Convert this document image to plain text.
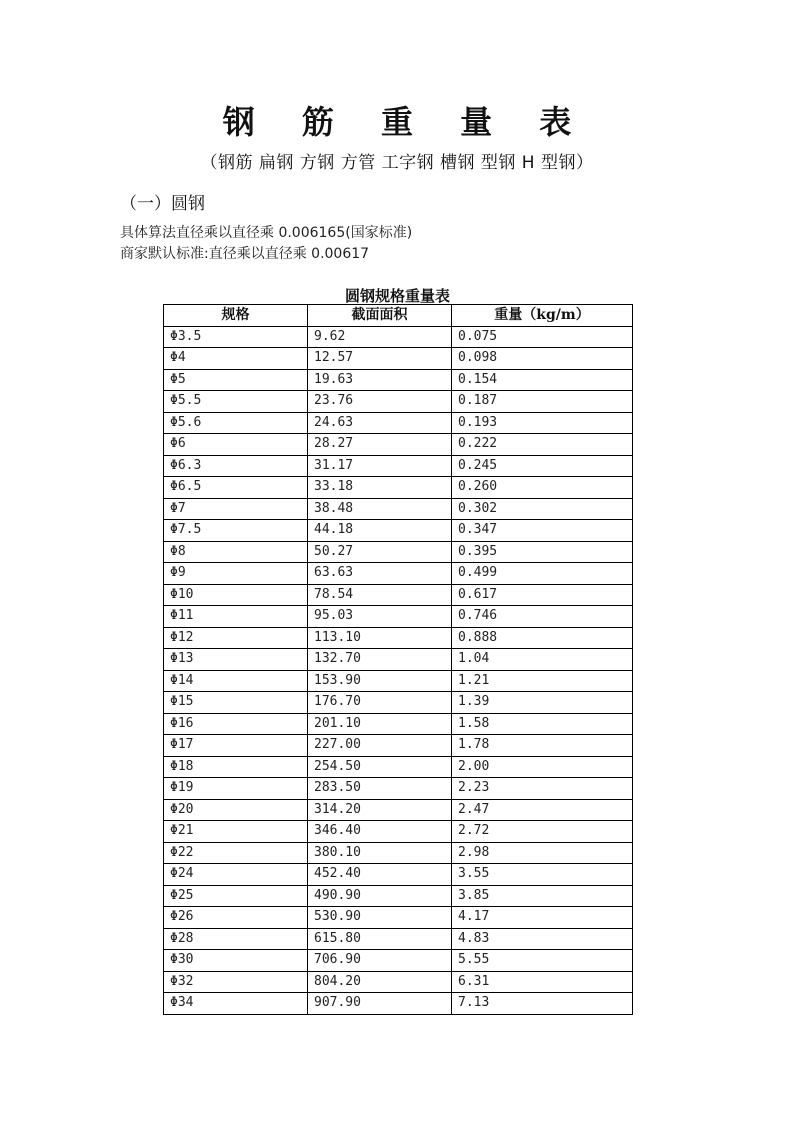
钢 筋 重 量 表
（钢筋 扁钢 方钢 方管 工字钢 槽钢 型钢 H 型钢）
（一）圆钢
具体算法直径乘以直径乘 0.006165(国家标准)
商家默认标准:直径乘以直径乘 0.00617
圆钢规格重量表
规格	截面面积	重量（kg/m）
Φ3.5	9.62	0.075
Φ4	12.57	0.098
Φ5	19.63	0.154
Φ5.5	23.76	0.187
Φ5.6	24.63	0.193
Φ6	28.27	0.222
Φ6.3	31.17	0.245
Φ6.5	33.18	0.260
Φ7	38.48	0.302
Φ7.5	44.18	0.347
Φ8	50.27	0.395
Φ9	63.63	0.499
Φ10	78.54	0.617
Φ11	95.03	0.746
Φ12	113.10	0.888
Φ13	132.70	1.04
Φ14	153.90	1.21
Φ15	176.70	1.39
Φ16	201.10	1.58
Φ17	227.00	1.78
Φ18	254.50	2.00
Φ19	283.50	2.23
Φ20	314.20	2.47
Φ21	346.40	2.72
Φ22	380.10	2.98
Φ24	452.40	3.55
Φ25	490.90	3.85
Φ26	530.90	4.17
Φ28	615.80	4.83
Φ30	706.90	5.55
Φ32	804.20	6.31
Φ34	907.90	7.13
